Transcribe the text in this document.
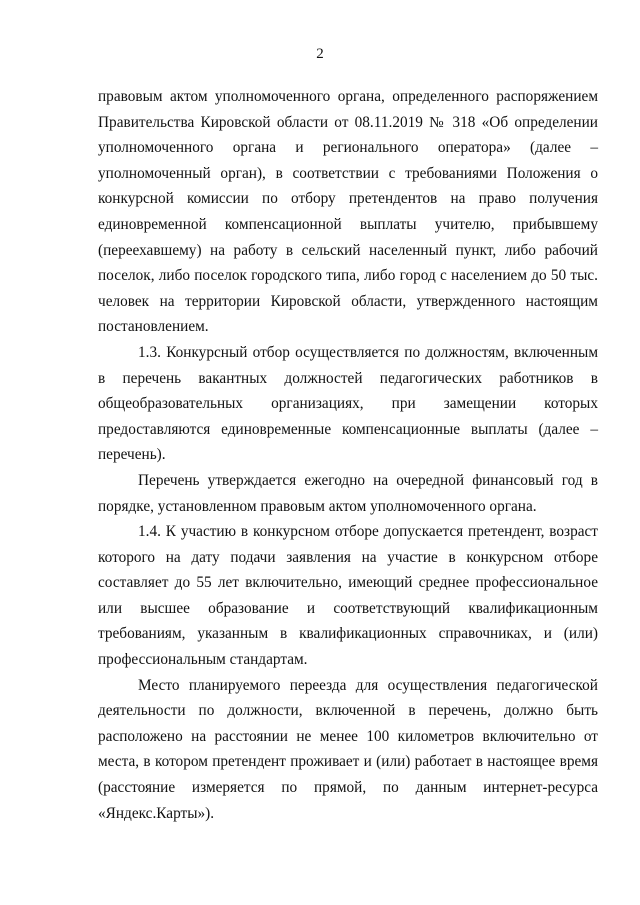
2

правовым актом уполномоченного органа, определенного распоряжением Правительства Кировской области от 08.11.2019 № 318 «Об определении уполномоченного органа и регионального оператора» (далее – уполномоченный орган), в соответствии с требованиями Положения о конкурсной комиссии по отбору претендентов на право получения единовременной компенсационной выплаты учителю, прибывшему (переехавшему) на работу в сельский населенный пункт, либо рабочий поселок, либо поселок городского типа, либо город с населением до 50 тыс. человек на территории Кировской области, утвержденного настоящим постановлением.

1.3. Конкурсный отбор осуществляется по должностям, включенным в перечень вакантных должностей педагогических работников в общеобразовательных организациях, при замещении которых предоставляются единовременные компенсационные выплаты (далее – перечень).

Перечень утверждается ежегодно на очередной финансовый год в порядке, установленном правовым актом уполномоченного органа.

1.4. К участию в конкурсном отборе допускается претендент, возраст которого на дату подачи заявления на участие в конкурсном отборе составляет до 55 лет включительно, имеющий среднее профессиональное или высшее образование и соответствующий квалификационным требованиям, указанным в квалификационных справочниках, и (или) профессиональным стандартам.

Место планируемого переезда для осуществления педагогической деятельности по должности, включенной в перечень, должно быть расположено на расстоянии не менее 100 километров включительно от места, в котором претендент проживает и (или) работает в настоящее время (расстояние измеряется по прямой, по данным интернет-ресурса «Яндекс.Карты»).
